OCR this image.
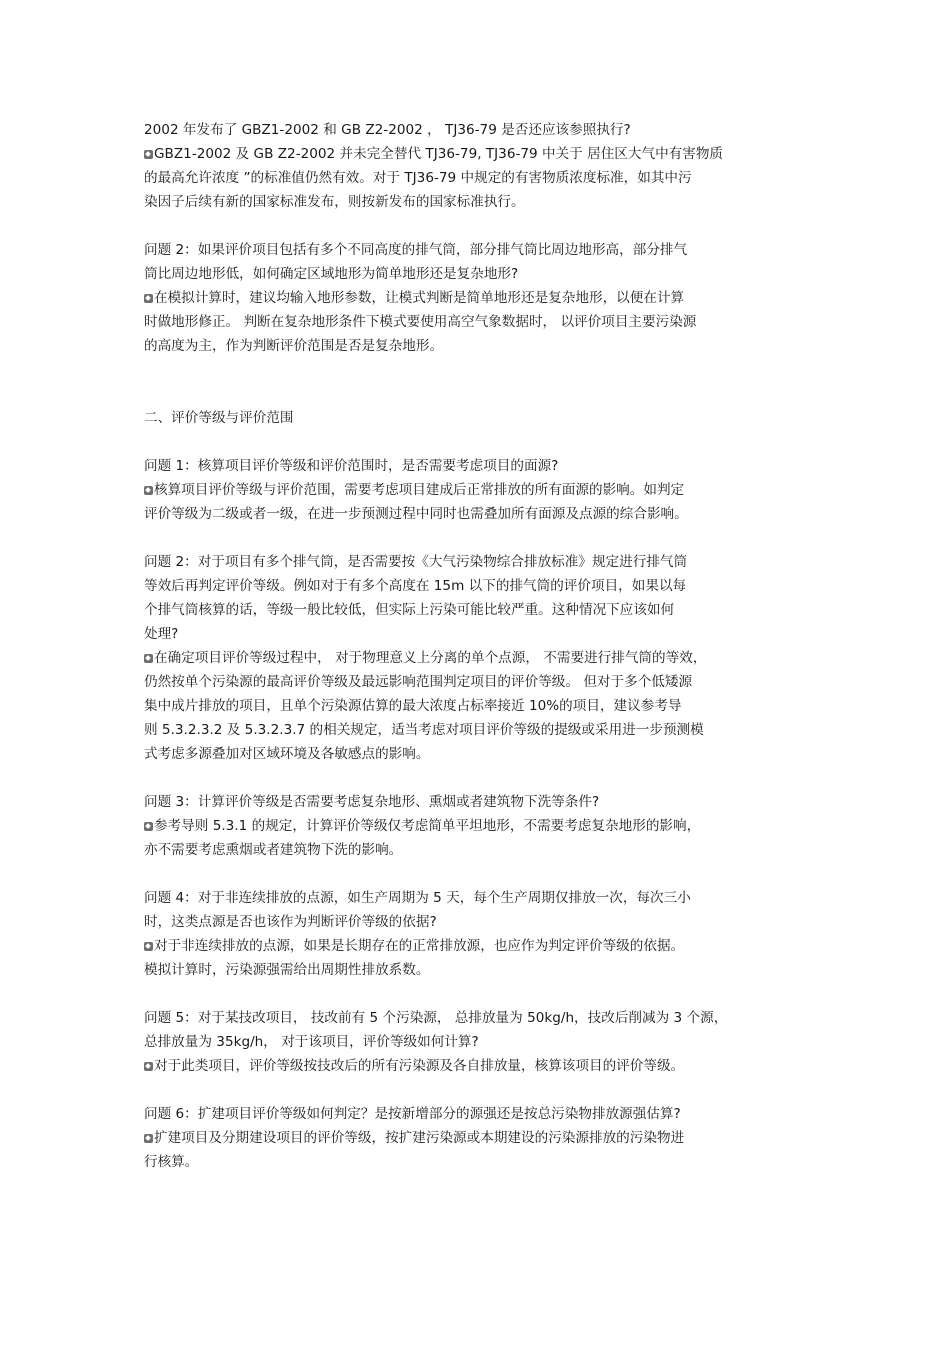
2002 年发布了 GBZ1-2002 和 GB Z2-2002 ， TJ36-79 是否还应该参照执行?

GBZ1-2002 及 GB Z2-2002 并未完全替代 TJ36-79, TJ36-79 中关于 居住区大气中有害物质

的最高允许浓度 ”的标准值仍然有效。对于 TJ36-79 中规定的有害物质浓度标准，如其中污

染因子后续有新的国家标准发布，则按新发布的国家标准执行。

问题 2：如果评价项目包括有多个不同高度的排气筒，部分排气筒比周边地形高，部分排气

筒比周边地形低，如何确定区域地形为简单地形还是复杂地形?

在模拟计算时，建议均输入地形参数，让模式判断是简单地形还是复杂地形，以便在计算

时做地形修正。 判断在复杂地形条件下模式要使用高空气象数据时， 以评价项目主要污染源

的高度为主，作为判断评价范围是否是复杂地形。

二、评价等级与评价范围

问题 1：核算项目评价等级和评价范围时，是否需要考虑项目的面源?

核算项目评价等级与评价范围，需要考虑项目建成后正常排放的所有面源的影响。如判定

评价等级为二级或者一级，在进一步预测过程中同时也需叠加所有面源及点源的综合影响。

问题 2：对于项目有多个排气筒，是否需要按《大气污染物综合排放标准》规定进行排气筒

等效后再判定评价等级。例如对于有多个高度在 15m 以下的排气筒的评价项目，如果以每

个排气筒核算的话，等级一般比较低，但实际上污染可能比较严重。这种情况下应该如何

处理?

在确定项目评价等级过程中， 对于物理意义上分离的单个点源， 不需要进行排气筒的等效，

仍然按单个污染源的最高评价等级及最远影响范围判定项目的评价等级。 但对于多个低矮源

集中成片排放的项目，且单个污染源估算的最大浓度占标率接近 10%的项目，建议参考导

则 5.3.2.3.2 及 5.3.2.3.7 的相关规定，适当考虑对项目评价等级的提级或采用进一步预测模

式考虑多源叠加对区域环境及各敏感点的影响。

问题 3：计算评价等级是否需要考虑复杂地形、熏烟或者建筑物下洗等条件?

参考导则 5.3.1 的规定，计算评价等级仅考虑简单平坦地形，不需要考虑复杂地形的影响，

亦不需要考虑熏烟或者建筑物下洗的影响。

问题 4：对于非连续排放的点源，如生产周期为 5 天，每个生产周期仅排放一次，每次三小

时，这类点源是否也该作为判断评价等级的依据?

对于非连续排放的点源，如果是长期存在的正常排放源，也应作为判定评价等级的依据。

模拟计算时，污染源强需给出周期性排放系数。

问题 5：对于某技改项目， 技改前有 5 个污染源， 总排放量为 50kg/h，技改后削减为 3 个源，

总排放量为 35kg/h， 对于该项目，评价等级如何计算?

对于此类项目，评价等级按技改后的所有污染源及各自排放量，核算该项目的评价等级。

问题 6：扩建项目评价等级如何判定？是按新增部分的源强还是按总污染物排放源强估算?

扩建项目及分期建设项目的评价等级，按扩建污染源或本期建设的污染源排放的污染物进

行核算。
